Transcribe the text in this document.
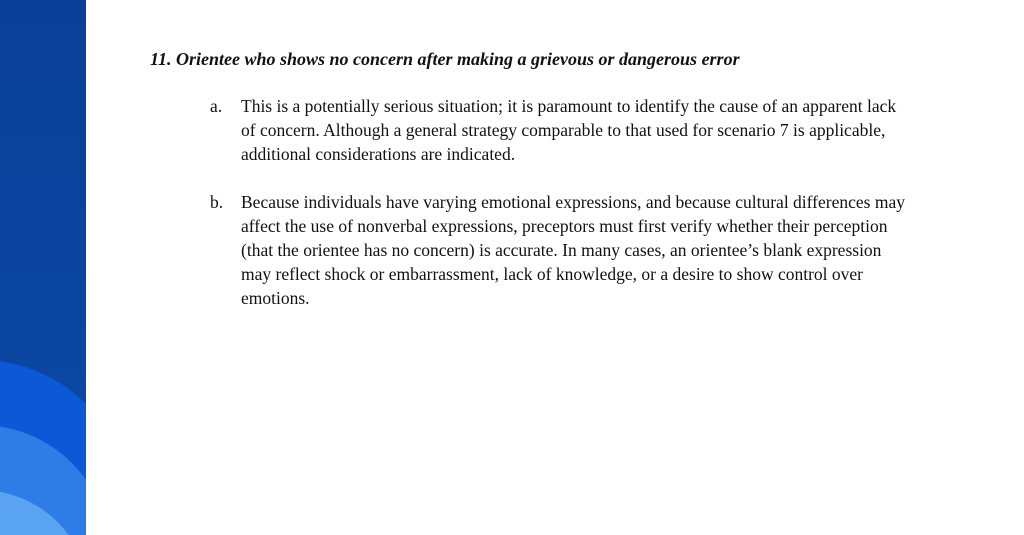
11. Orientee who shows no concern after making a grievous or dangerous error
a. This is a potentially serious situation; it is paramount to identify the cause of an apparent lack of concern. Although a general strategy comparable to that used for scenario 7 is applicable, additional considerations are indicated.
b. Because individuals have varying emotional expressions, and because cultural differences may affect the use of nonverbal expressions, preceptors must first verify whether their perception (that the orientee has no concern) is accurate. In many cases, an orientee’s blank expression may reflect shock or embarrassment, lack of knowledge, or a desire to show control over emotions.
